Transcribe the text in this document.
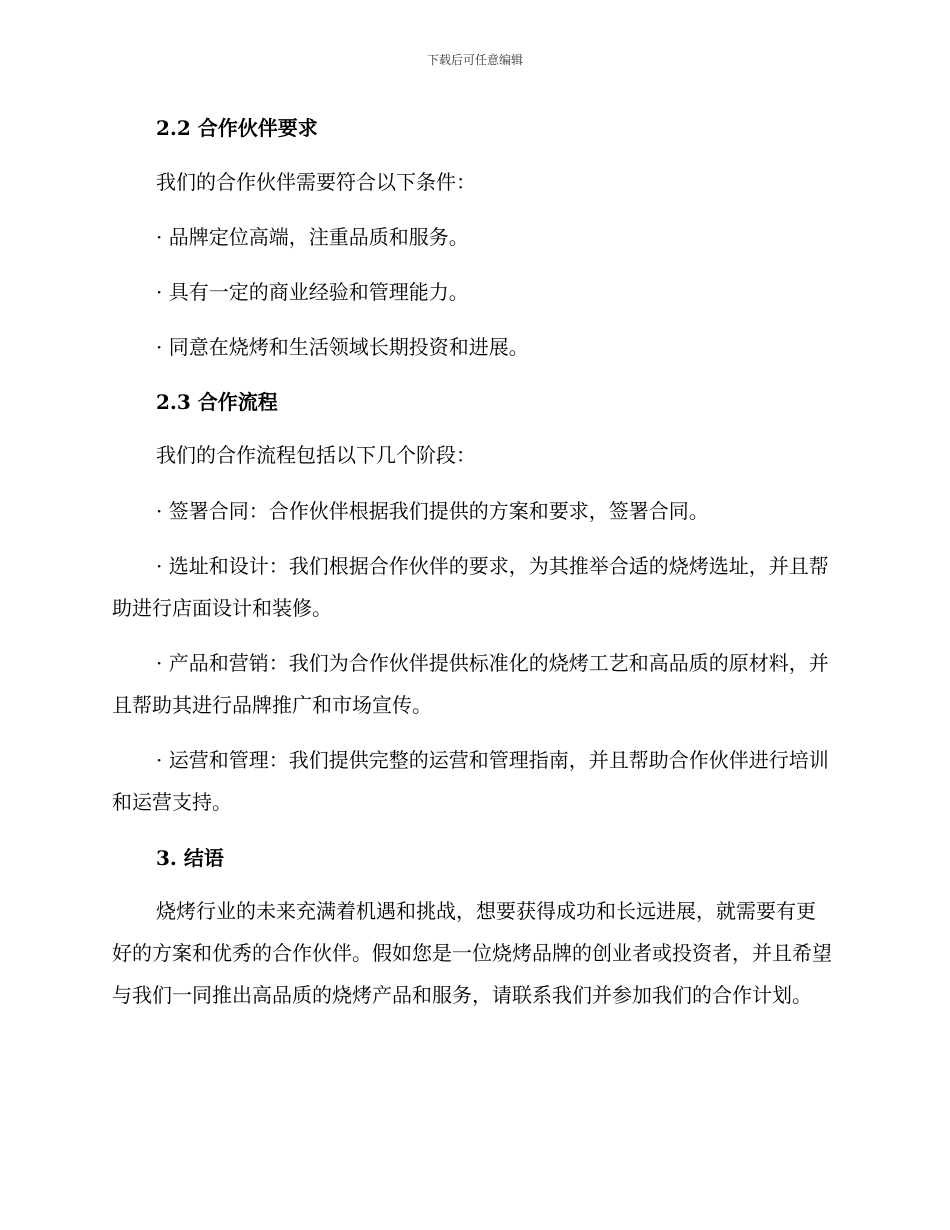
下载后可任意编辑
2.2 合作伙伴要求
我们的合作伙伴需要符合以下条件：
· 品牌定位高端，注重品质和服务。
· 具有一定的商业经验和管理能力。
· 同意在烧烤和生活领域长期投资和进展。
2.3 合作流程
我们的合作流程包括以下几个阶段：
· 签署合同：合作伙伴根据我们提供的方案和要求，签署合同。
· 选址和设计：我们根据合作伙伴的要求，为其推举合适的烧烤选址，并且帮助进行店面设计和装修。
· 产品和营销：我们为合作伙伴提供标准化的烧烤工艺和高品质的原材料，并且帮助其进行品牌推广和市场宣传。
· 运营和管理：我们提供完整的运营和管理指南，并且帮助合作伙伴进行培训和运营支持。
3. 结语
烧烤行业的未来充满着机遇和挑战，想要获得成功和长远进展，就需要有更好的方案和优秀的合作伙伴。假如您是一位烧烤品牌的创业者或投资者，并且希望与我们一同推出高品质的烧烤产品和服务，请联系我们并参加我们的合作计划。
